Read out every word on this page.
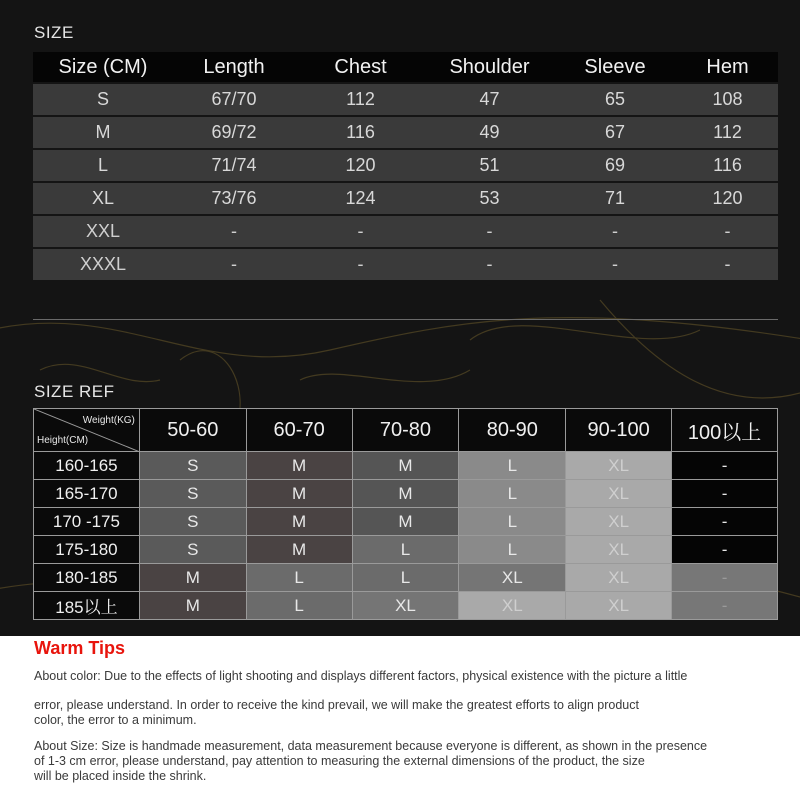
SIZE
Size (CM)	Length	Chest	Shoulder	Sleeve	Hem
S	67/70	112	47	65	108
M	69/72	116	49	67	112
L	71/74	120	51	69	116
XL	73/76	124	53	71	120
XXL	-	-	-	-	-
XXXL	-	-	-	-	-
SIZE REF
Weight(KG)
Height(CM)	50-60	60-70	70-80	80-90	90-100	100以上
160-165	S	M	M	L	XL	-
165-170	S	M	M	L	XL	-
170 -175	S	M	M	L	XL	-
175-180	S	M	L	L	XL	-
180-185	M	L	L	XL	XL	-
185以上	M	L	XL	XL	XL	-
Warm Tips

About color: Due to the effects of light shooting and displays different factors, physical existence with the picture a little

error, please understand. In order to receive the kind prevail, we will make the greatest efforts to align product

color, the error to a minimum.

About Size: Size is handmade measurement, data measurement because everyone is different, as shown in the presence

of 1-3 cm error, please understand, pay attention to measuring the external dimensions of the product, the size

will be placed inside the shrink.
